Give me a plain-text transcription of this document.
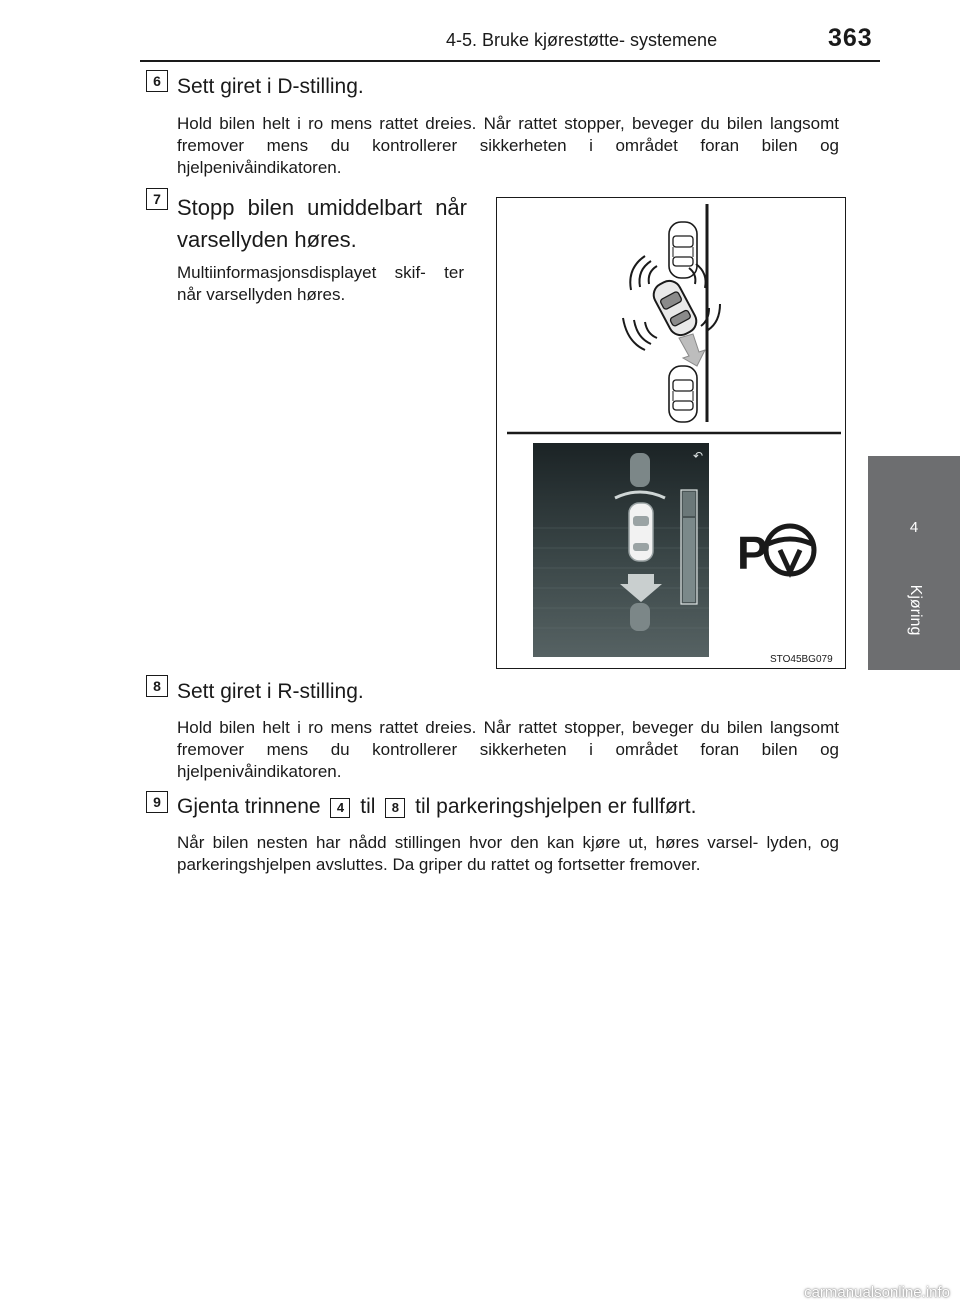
4-5. Bruke kjørestøtte- systemene	363
4
Kjøring
6 Sett giret i D-stilling.
Hold bilen helt i ro mens rattet dreies. Når rattet stopper, beveger du bilen langsomt fremover mens du kontrollerer sikkerheten i området foran bilen og hjelpenivåindikatoren.
7 Stopp bilen umiddelbart når varsellyden høres.
Multiinformasjonsdisplayet skif- ter når varsellyden høres.
↶
P
STO45BG079
8 Sett giret i R-stilling.
Hold bilen helt i ro mens rattet dreies. Når rattet stopper, beveger du bilen langsomt fremover mens du kontrollerer sikkerheten i området foran bilen og hjelpenivåindikatoren.
9 Gjenta trinnene 4 til 8 til parkeringshjelpen er fullført.
Når bilen nesten har nådd stillingen hvor den kan kjøre ut, høres varsel- lyden, og parkeringshjelpen avsluttes. Da griper du rattet og fortsetter fremover.
carmanualsonline.info
